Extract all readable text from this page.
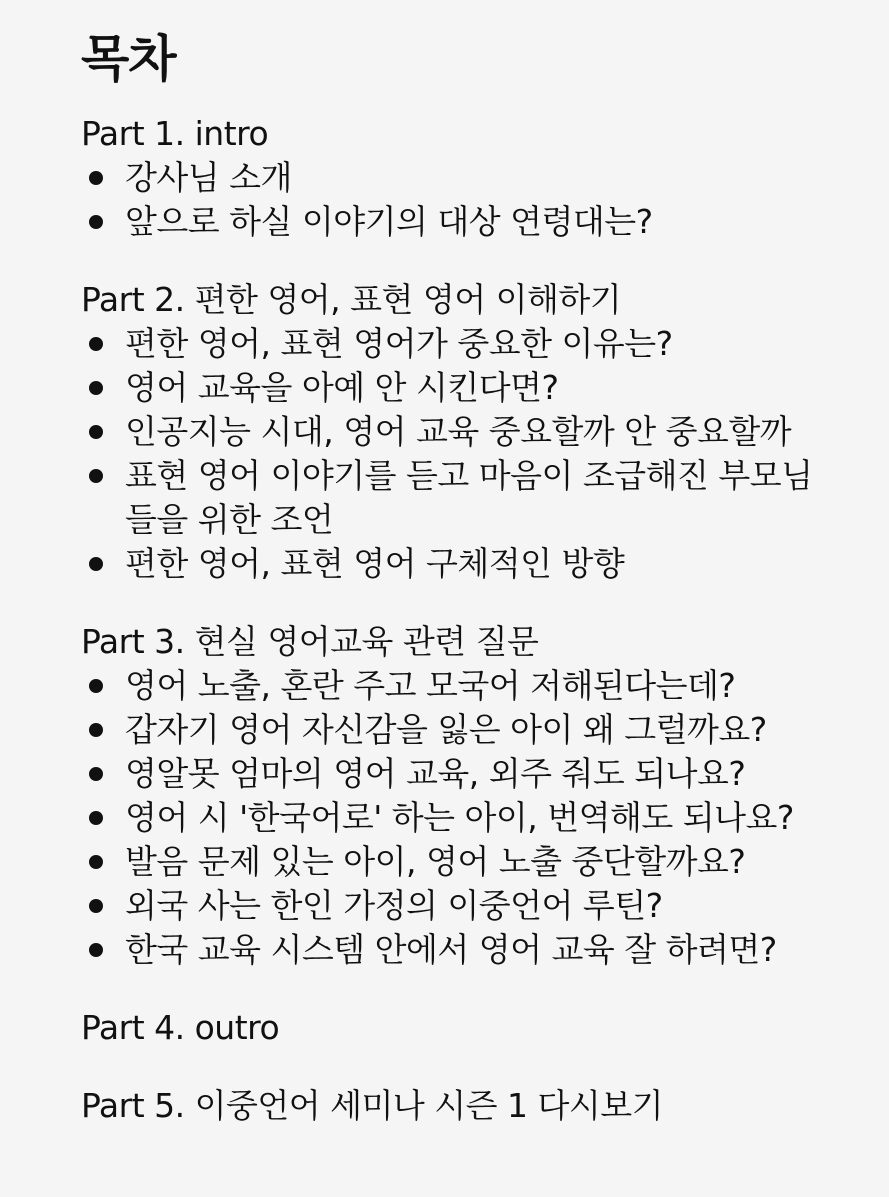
목차

Part 1. intro

강사님 소개
앞으로 하실 이야기의 대상 연령대는?

Part 2. 편한 영어, 표현 영어 이해하기

편한 영어, 표현 영어가 중요한 이유는?
영어 교육을 아예 안 시킨다면?
인공지능 시대, 영어 교육 중요할까 안 중요할까
표현 영어 이야기를 듣고 마음이 조급해진 부모님들을 위한 조언
편한 영어, 표현 영어 구체적인 방향

Part 3. 현실 영어교육 관련 질문

영어 노출, 혼란 주고 모국어 저해된다는데?
갑자기 영어 자신감을 잃은 아이 왜 그럴까요?
영알못 엄마의 영어 교육, 외주 줘도 되나요?
영어 시 '한국어로' 하는 아이, 번역해도 되나요?
발음 문제 있는 아이, 영어 노출 중단할까요?
외국 사는 한인 가정의 이중언어 루틴?
한국 교육 시스템 안에서 영어 교육 잘 하려면?

Part 4. outro

Part 5. 이중언어 세미나 시즌 1 다시보기
